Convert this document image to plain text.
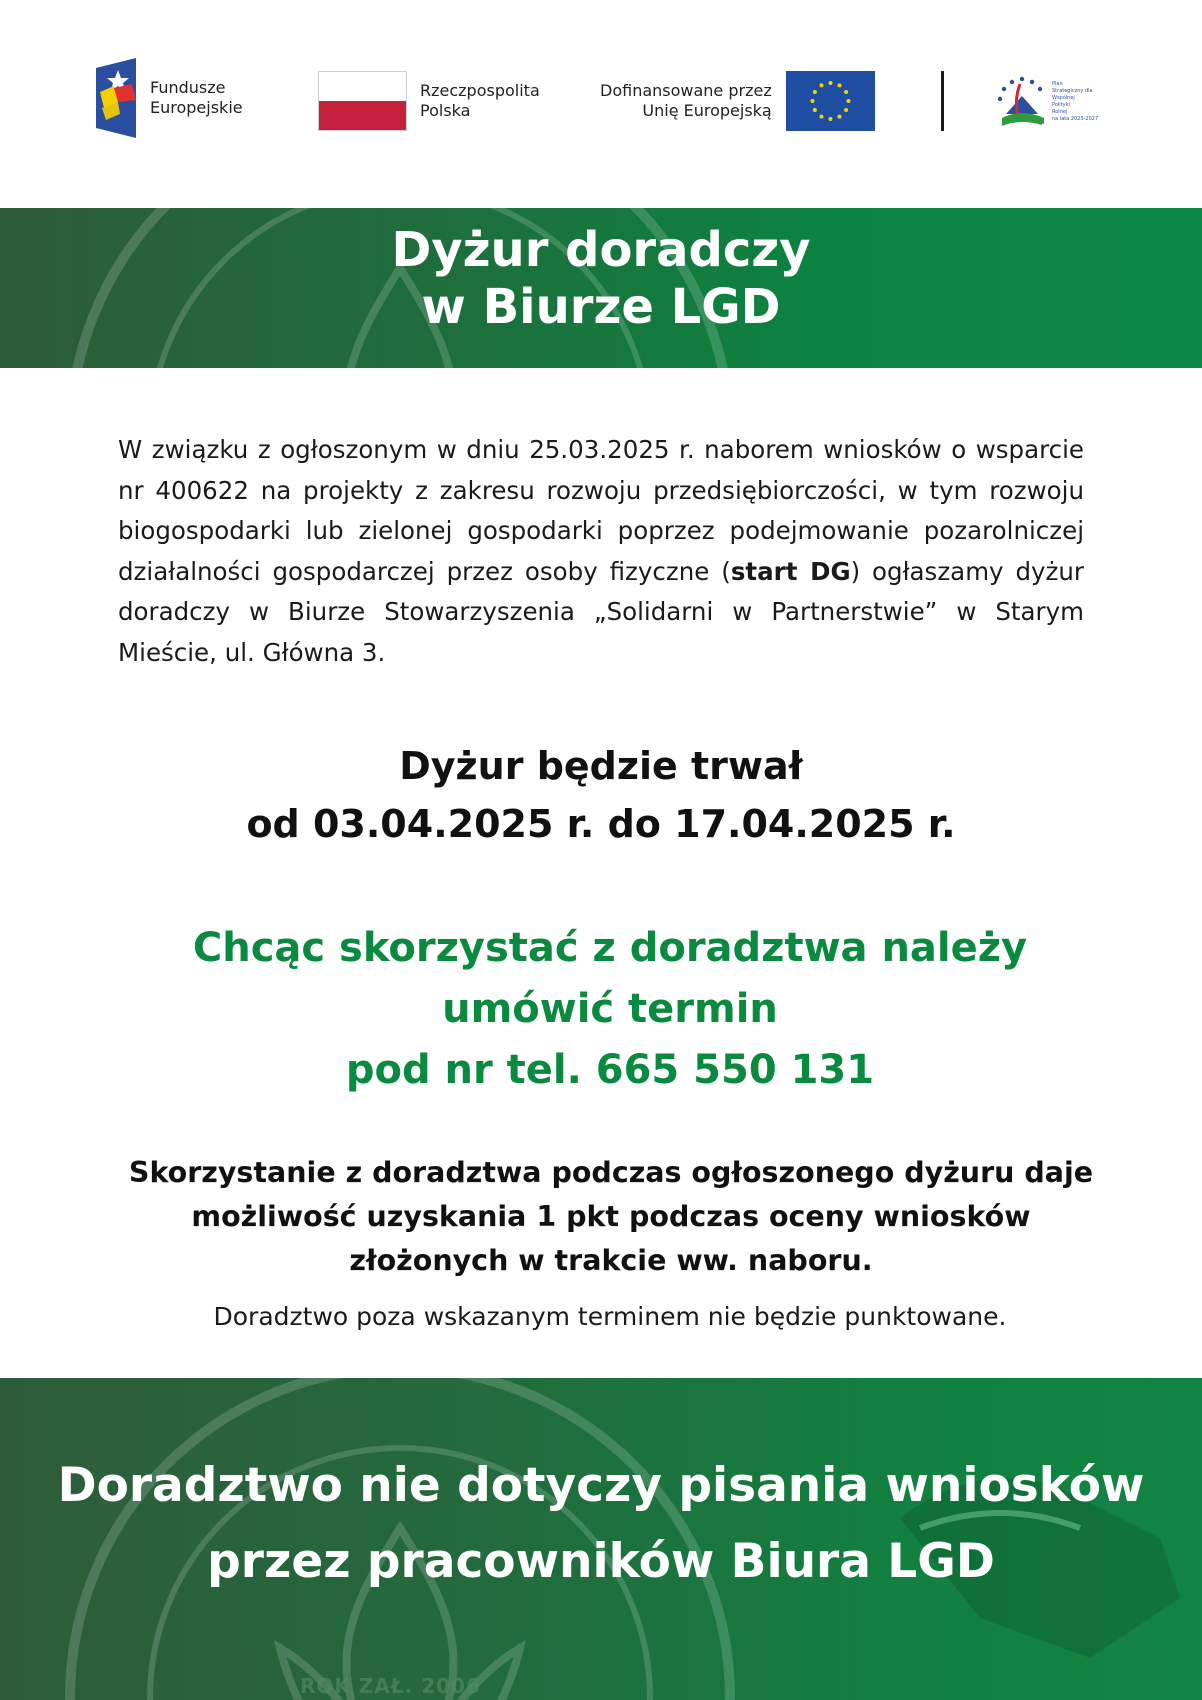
Fundusze
Europejskie
Rzeczpospolita
Polska
Dofinansowane przez
Unię Europejską
Plan
Strategiczny dla
Wspólnej
Polityki
Rolnej
na lata 2023-2027
Dyżur doradczy
w Biurze LGD

W związku z ogłoszonym w dniu 25.03.2025 r. naborem wniosków o wsparcie nr 400622 na projekty z zakresu rozwoju przedsiębiorczości, w tym rozwoju biogospodarki lub zielonej gospodarki poprzez podejmowanie pozarolniczej działalności gospodarczej przez osoby fizyczne (start DG) ogłaszamy dyżur doradczy w Biurze Stowarzyszenia „Solidarni w Partnerstwie” w Starym Mieście, ul. Główna 3.

Dyżur będzie trwał
od 03.04.2025 r. do 17.04.2025 r.
Chcąc skorzystać z doradztwa należy
umówić termin
pod nr tel. 665 550 131
Skorzystanie z doradztwa podczas ogłoszonego dyżuru daje
możliwość uzyskania 1 pkt podczas oceny wniosków
złożonych w trakcie ww. naboru.
Doradztwo poza wskazanym terminem nie będzie punktowane.
Doradztwo nie dotyczy pisania wniosków
przez pracowników Biura LGD
ROK ZAŁ. 2006
